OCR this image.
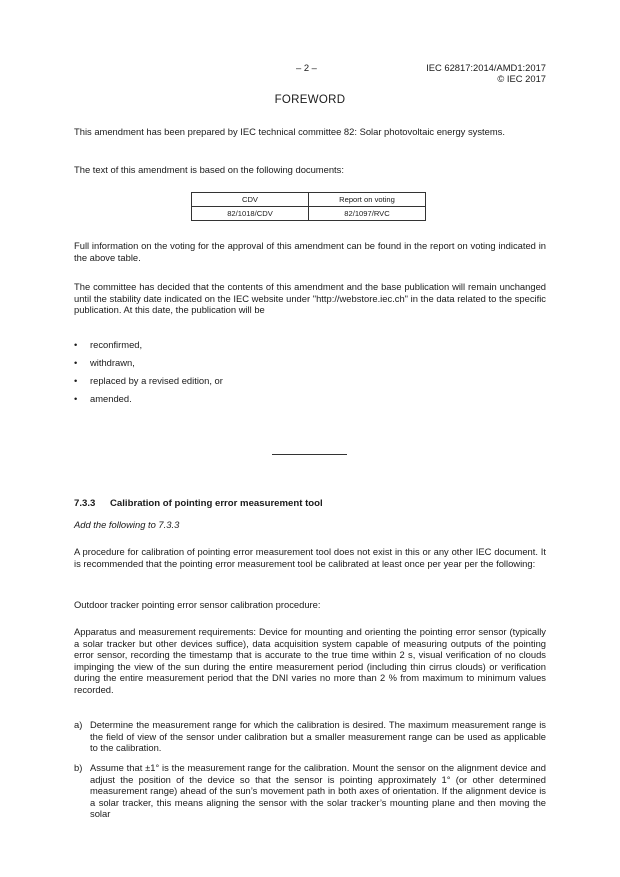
– 2 –	IEC 62817:2014/AMD1:2017
© IEC 2017
FOREWORD
This amendment has been prepared by IEC technical committee 82: Solar photovoltaic energy systems.
The text of this amendment is based on the following documents:
CDV	Report on voting
82/1018/CDV	82/1097/RVC
Full information on the voting for the approval of this amendment can be found in the report on voting indicated in the above table.
The committee has decided that the contents of this amendment and the base publication will remain unchanged until the stability date indicated on the IEC website under "http://webstore.iec.ch" in the data related to the specific publication. At this date, the publication will be
•	reconfirmed,
•	withdrawn,
•	replaced by a revised edition, or
•	amended.
7.3.3 Calibration of pointing error measurement tool
Add the following to 7.3.3
A procedure for calibration of pointing error measurement tool does not exist in this or any other IEC document. It is recommended that the pointing error measurement tool be calibrated at least once per year per the following:
Outdoor tracker pointing error sensor calibration procedure:
Apparatus and measurement requirements: Device for mounting and orienting the pointing error sensor (typically a solar tracker but other devices suffice), data acquisition system capable of measuring outputs of the pointing error sensor, recording the timestamp that is accurate to the true time within 2 s, visual verification of no clouds impinging the view of the sun during the entire measurement period (including thin cirrus clouds) or verification during the entire measurement period that the DNI varies no more than 2 % from maximum to minimum values recorded.
a) Determine the measurement range for which the calibration is desired. The maximum measurement range is the field of view of the sensor under calibration but a smaller measurement range can be used as applicable to the calibration.
b) Assume that ±1° is the measurement range for the calibration. Mount the sensor on the alignment device and adjust the position of the device so that the sensor is pointing approximately 1° (or other determined measurement range) ahead of the sun’s movement path in both axes of orientation. If the alignment device is a solar tracker, this means aligning the sensor with the solar tracker’s mounting plane and then moving the solar
